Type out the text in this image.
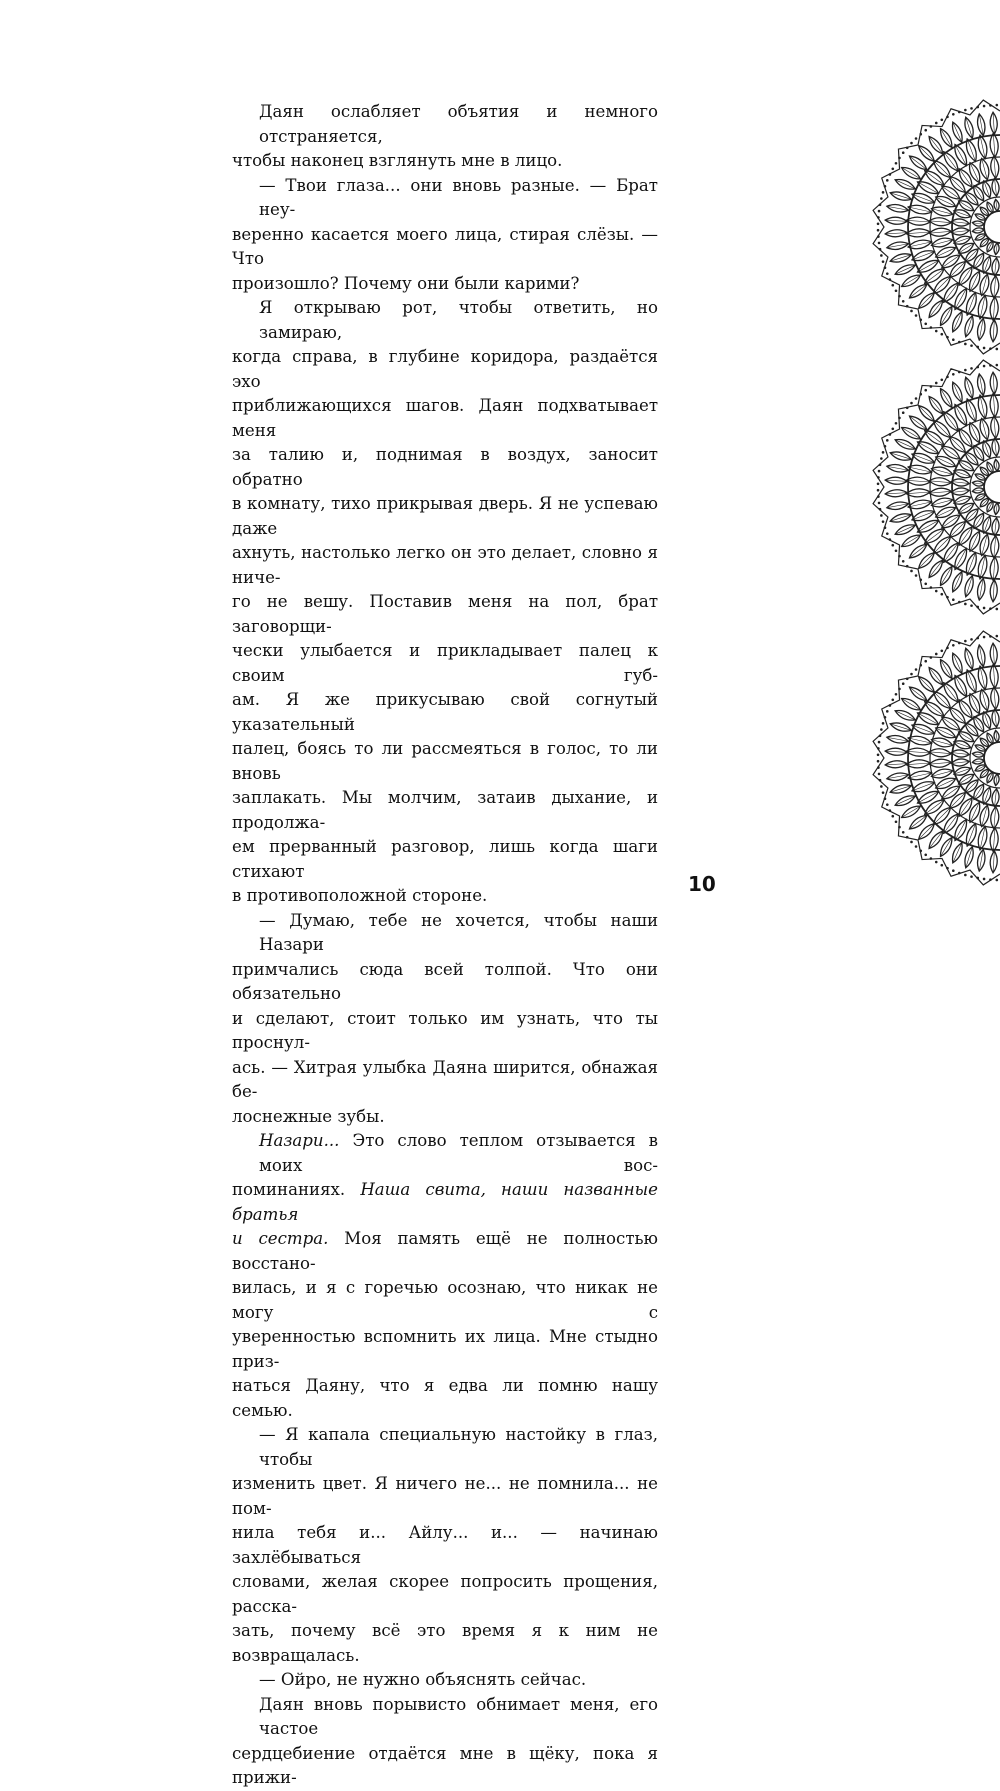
Даян ослабляет объятия и немного отстраняется,
чтобы наконец взглянуть мне в лицо.
— Твои глаза... они вновь разные. — Брат неу-
веренно касается моего лица, стирая слёзы. — Что
произошло? Почему они были карими?
Я открываю рот, чтобы ответить, но замираю,
когда справа, в глубине коридора, раздаётся эхо
приближающихся шагов. Даян подхватывает меня
за талию и, поднимая в воздух, заносит обратно
в комнату, тихо прикрывая дверь. Я не успеваю даже
ахнуть, настолько легко он это делает, словно я ниче-
го не вешу. Поставив меня на пол, брат заговорщи-
чески улыбается и прикладывает палец к своим губ-
ам. Я же прикусываю свой согнутый указательный
палец, боясь то ли рассмеяться в голос, то ли вновь
заплакать. Мы молчим, затаив дыхание, и продолжа-
ем прерванный разговор, лишь когда шаги стихают
в противоположной стороне.
— Думаю, тебе не хочется, чтобы наши Назари
примчались сюда всей толпой. Что они обязательно
и сделают, стоит только им узнать, что ты проснул-
ась. — Хитрая улыбка Даяна ширится, обнажая бе-
лоснежные зубы.
Назари... Это слово теплом отзывается в моих вос-
поминаниях. Наша свита, наши названные братья
и сестра. Моя память ещё не полностью восстано-
вилась, и я с горечью осознаю, что никак не могу с
уверенностью вспомнить их лица. Мне стыдно приз-
наться Даяну, что я едва ли помню нашу семью.
— Я капала специальную настойку в глаз, чтобы
изменить цвет. Я ничего не... не помнила... не пом-
нила тебя и... Айлу... и... — начинаю захлёбываться
словами, желая скорее попросить прощения, расска-
зать, почему всё это время я к ним не возвращалась.
— Ойро, не нужно объяснять сейчас.
Даян вновь порывисто обнимает меня, его частое
сердцебиение отдаётся мне в щёку, пока я прижи-
10
